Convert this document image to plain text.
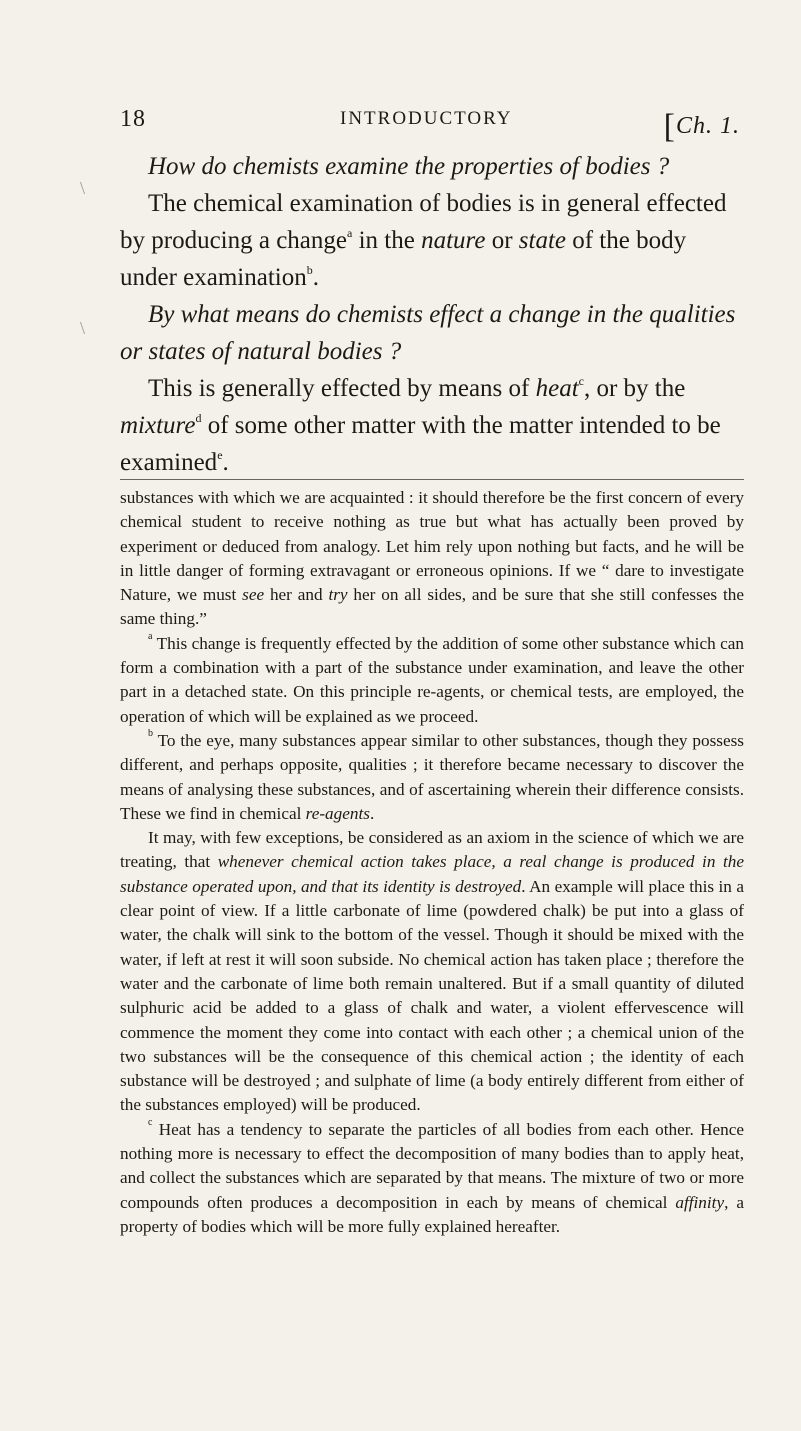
18	INTRODUCTORY	[Ch. 1.
\
\

How do chemists examine the properties of bodies ?

The chemical examination of bodies is in general effected by producing a change$^a$ in the nature or state of the body under examination$^b$.

By what means do chemists effect a change in the qualities or states of natural bodies ?

This is generally effected by means of heat$^c$, or by the mixture$^d$ of some other matter with the matter intended to be examined$^e$.

substances with which we are acquainted : it should therefore be the first concern of every chemical student to receive nothing as true but what has actually been proved by experiment or deduced from analogy. Let him rely upon nothing but facts, and he will be in little danger of forming extravagant or erroneous opinions. If we “ dare to investigate Nature, we must see her and try her on all sides, and be sure that she still confesses the same thing.”

$^a$ This change is frequently effected by the addition of some other substance which can form a combination with a part of the substance under examination, and leave the other part in a detached state. On this principle re-agents, or chemical tests, are employed, the operation of which will be explained as we proceed.

$^b$ To the eye, many substances appear similar to other substances, though they possess different, and perhaps opposite, qualities ; it therefore became necessary to discover the means of analysing these substances, and of ascertaining wherein their difference consists. These we find in chemical re-agents.

It may, with few exceptions, be considered as an axiom in the science of which we are treating, that whenever chemical action takes place, a real change is produced in the substance operated upon, and that its identity is destroyed. An example will place this in a clear point of view. If a little carbonate of lime (powdered chalk) be put into a glass of water, the chalk will sink to the bottom of the vessel. Though it should be mixed with the water, if left at rest it will soon subside. No chemical action has taken place ; therefore the water and the carbonate of lime both remain unaltered. But if a small quantity of diluted sulphuric acid be added to a glass of chalk and water, a violent effervescence will commence the moment they come into contact with each other ; a chemical union of the two substances will be the consequence of this chemical action ; the identity of each substance will be destroyed ; and sulphate of lime (a body entirely different from either of the substances employed) will be produced.

$^c$ Heat has a tendency to separate the particles of all bodies from each other. Hence nothing more is necessary to effect the decomposition of many bodies than to apply heat, and collect the substances which are separated by that means. The mixture of two or more compounds often produces a decomposition in each by means of chemical affinity, a property of bodies which will be more fully explained hereafter.
